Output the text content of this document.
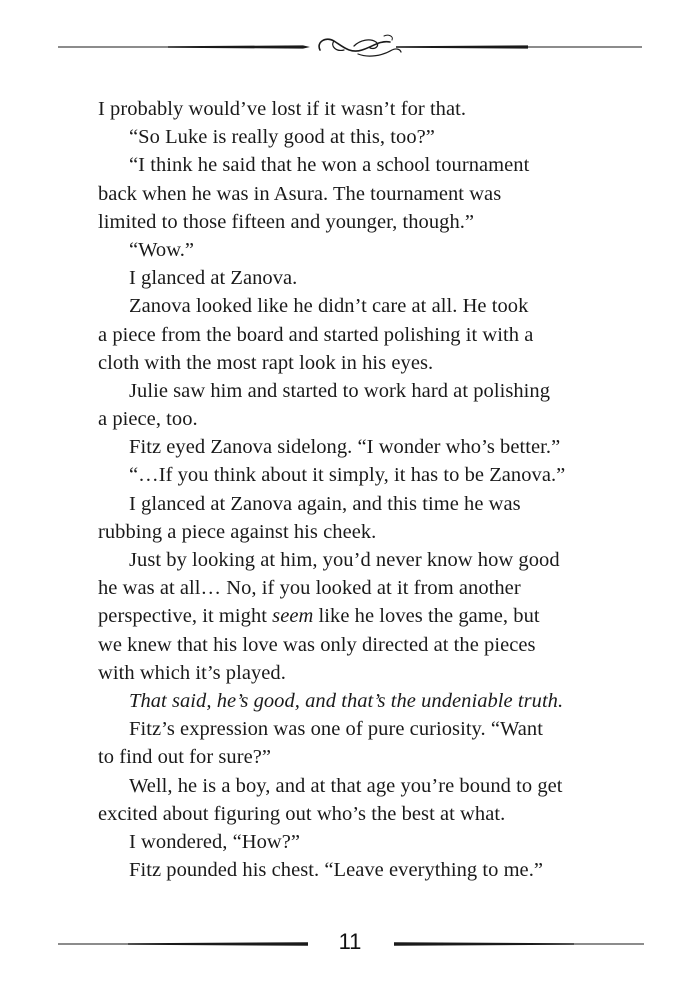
I probably would’ve lost if it wasn’t for that.
“So Luke is really good at this, too?”
“I think he said that he won a school tournament
back when he was in Asura. The tournament was
limited to those fifteen and younger, though.”
“Wow.”
I glanced at Zanova.
Zanova looked like he didn’t care at all. He took
a piece from the board and started polishing it with a
cloth with the most rapt look in his eyes.
Julie saw him and started to work hard at polishing
a piece, too.
Fitz eyed Zanova sidelong. “I wonder who’s better.”
“…If you think about it simply, it has to be Zanova.”
I glanced at Zanova again, and this time he was
rubbing a piece against his cheek.
Just by looking at him, you’d never know how good
he was at all… No, if you looked at it from another
perspective, it might seem like he loves the game, but
we knew that his love was only directed at the pieces
with which it’s played.
That said, he’s good, and that’s the undeniable truth.
Fitz’s expression was one of pure curiosity. “Want
to find out for sure?”
Well, he is a boy, and at that age you’re bound to get
excited about figuring out who’s the best at what.
I wondered, “How?”
Fitz pounded his chest. “Leave everything to me.”
11
